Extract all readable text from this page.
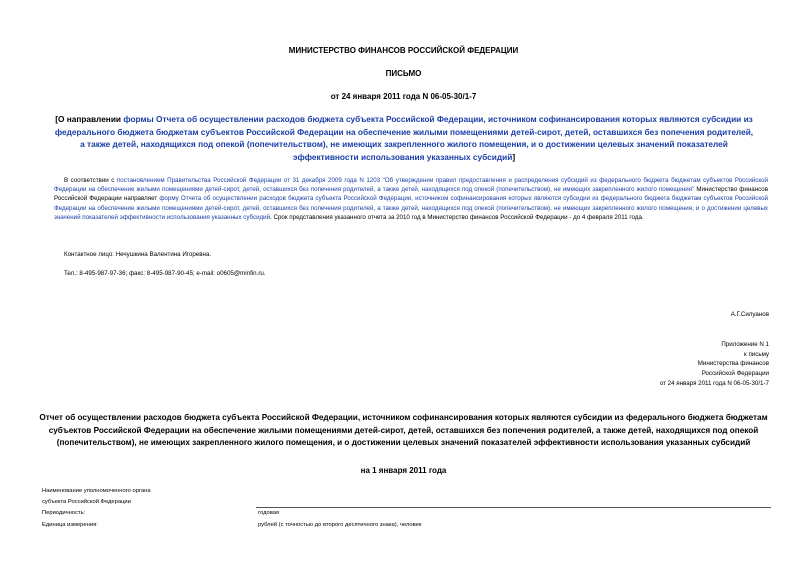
МИНИСТЕРСТВО ФИНАНСОВ РОССИЙСКОЙ ФЕДЕРАЦИИ
ПИСЬМО
от 24 января 2011 года N 06-05-30/1-7
[О направлении формы Отчета об осуществлении расходов бюджета субъекта Российской Федерации, источником софинансирования которых являются субсидии из федерального бюджета бюджетам субъектов Российской Федерации на обеспечение жилыми помещениями детей-сирот, детей, оставшихся без попечения родителей, а также детей, находящихся под опекой (попечительством), не имеющих закрепленного жилого помещения, и о достижении целевых значений показателей эффективности использования указанных субсидий]
В соответствии с постановлением Правительства Российской Федерации от 31 декабря 2009 года N 1203 "Об утверждении правил предоставления и распределения субсидий из федерального бюджета бюджетам субъектов Российской Федерации на обеспечение жилыми помещениями детей-сирот, детей, оставшихся без попечения родителей, а также детей, находящихся под опекой (попечительством), не имеющих закрепленного жилого помещения" Министерство финансов Российской Федерации направляет форму Отчета об осуществлении расходов бюджета субъекта Российской Федерации, источником софинансирования которых являются субсидии из федерального бюджета бюджетам субъектов Российской Федерации на обеспечение жилыми помещениями детей-сирот, детей, оставшихся без попечения родителей, а также детей, находящихся под опекой (попечительством), не имеющих закрепленного жилого помещения, и о достижении целевых значений показателей эффективности использования указанных субсидий. Срок представления указанного отчета за 2010 год в Министерство финансов Российской Федерации - до 4 февраля 2011 года.
Контактное лицо: Нечушкина Валентина Игоревна.
Тел.: 8-495-987-97-36; факс: 8-495-987-90-45; e-mail: o0605@minfin.ru.
А.Г.Силуанов
Приложение N 1
к письму
Министерства финансов
Российской Федерации
от 24 января 2011 года N 06-05-30/1-7
Отчет об осуществлении расходов бюджета субъекта Российской Федерации, источником софинансирования которых являются субсидии из федерального бюджета бюджетам субъектов Российской Федерации на обеспечение жилыми помещениями детей-сирот, детей, оставшихся без попечения родителей, а также детей, находящихся под опекой (попечительством), не имеющих закрепленного жилого помещения, и о достижении целевых значений показателей эффективности использования указанных субсидий
на 1 января 2011 года
Наименование уполномоченного органа
субъекта Российской Федерации
Периодичность:	годовая
Единица измерения:	рублей (с точностью до второго десятичного знака), человек
